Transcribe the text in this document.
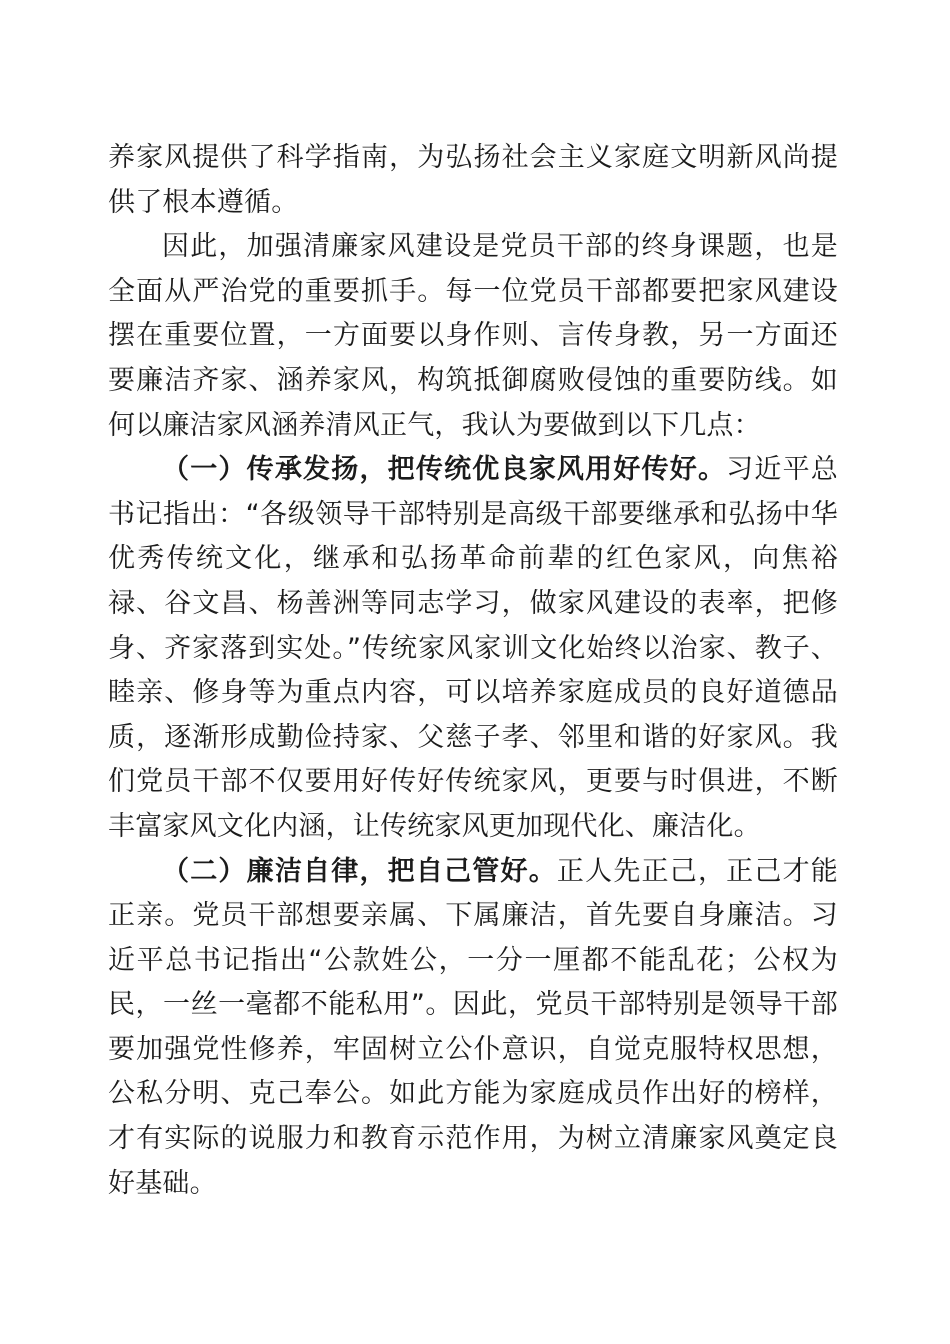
养家风提供了科学指南，为弘扬社会主义家庭文明新风尚提供了根本遵循。

因此，加强清廉家风建设是党员干部的终身课题，也是全面从严治党的重要抓手。每一位党员干部都要把家风建设摆在重要位置，一方面要以身作则、言传身教，另一方面还要廉洁齐家、涵养家风，构筑抵御腐败侵蚀的重要防线。如何以廉洁家风涵养清风正气，我认为要做到以下几点：

（一）传承发扬，把传统优良家风用好传好。习近平总书记指出：“各级领导干部特别是高级干部要继承和弘扬中华优秀传统文化，继承和弘扬革命前辈的红色家风，向焦裕禄、谷文昌、杨善洲等同志学习，做家风建设的表率，把修身、齐家落到实处。”传统家风家训文化始终以治家、教子、睦亲、修身等为重点内容，可以培养家庭成员的良好道德品质，逐渐形成勤俭持家、父慈子孝、邻里和谐的好家风。我们党员干部不仅要用好传好传统家风，更要与时俱进，不断丰富家风文化内涵，让传统家风更加现代化、廉洁化。

（二）廉洁自律，把自己管好。正人先正己，正己才能正亲。党员干部想要亲属、下属廉洁，首先要自身廉洁。习近平总书记指出“公款姓公，一分一厘都不能乱花；公权为民，一丝一毫都不能私用”。因此，党员干部特别是领导干部要加强党性修养，牢固树立公仆意识，自觉克服特权思想，公私分明、克己奉公。如此方能为家庭成员作出好的榜样，才有实际的说服力和教育示范作用，为树立清廉家风奠定良好基础。
